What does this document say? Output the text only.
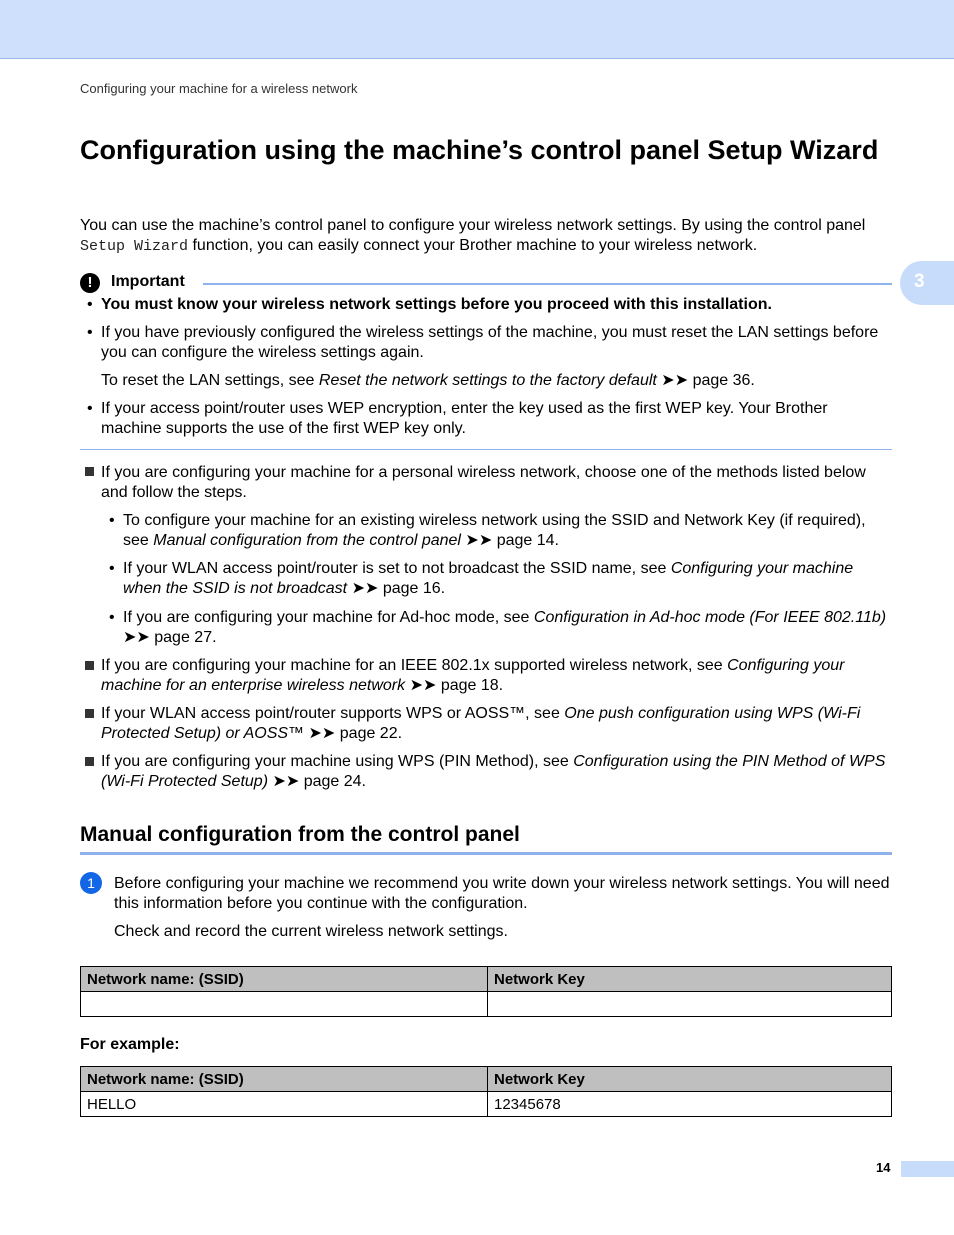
Configuring your machine for a wireless network
3
Configuration using the machine’s control panel Setup Wizard
You can use the machine’s control panel to configure your wireless network settings. By using the control panel Setup Wizard function, you can easily connect your Brother machine to your wireless network.
!	Important
• You must know your wireless network settings before you proceed with this installation.
• If you have previously configured the wireless settings of the machine, you must reset the LAN settings before you can configure the wireless settings again.
To reset the LAN settings, see Reset the network settings to the factory default ➤➤ page 36.
• If your access point/router uses WEP encryption, enter the key used as the first WEP key. Your Brother machine supports the use of the first WEP key only.
If you are configuring your machine for a personal wireless network, choose one of the methods listed below and follow the steps.
• To configure your machine for an existing wireless network using the SSID and Network Key (if required), see Manual configuration from the control panel ➤➤ page 14.
• If your WLAN access point/router is set to not broadcast the SSID name, see Configuring your machine when the SSID is not broadcast ➤➤ page 16.
• If you are configuring your machine for Ad-hoc mode, see Configuration in Ad-hoc mode (For IEEE 802.11b) ➤➤ page 27.
If you are configuring your machine for an IEEE 802.1x supported wireless network, see Configuring your machine for an enterprise wireless network ➤➤ page 18.
If your WLAN access point/router supports WPS or AOSS™, see One push configuration using WPS (Wi-Fi Protected Setup) or AOSS™ ➤➤ page 22.
If you are configuring your machine using WPS (PIN Method), see Configuration using the PIN Method of WPS (Wi-Fi Protected Setup) ➤➤ page 24.
Manual configuration from the control panel
1	Before configuring your machine we recommend you write down your wireless network settings. You will need this information before you continue with the configuration.
Check and record the current wireless network settings.
Network name: (SSID)	Network Key

For example:
Network name: (SSID)	Network Key
HELLO	12345678
14
